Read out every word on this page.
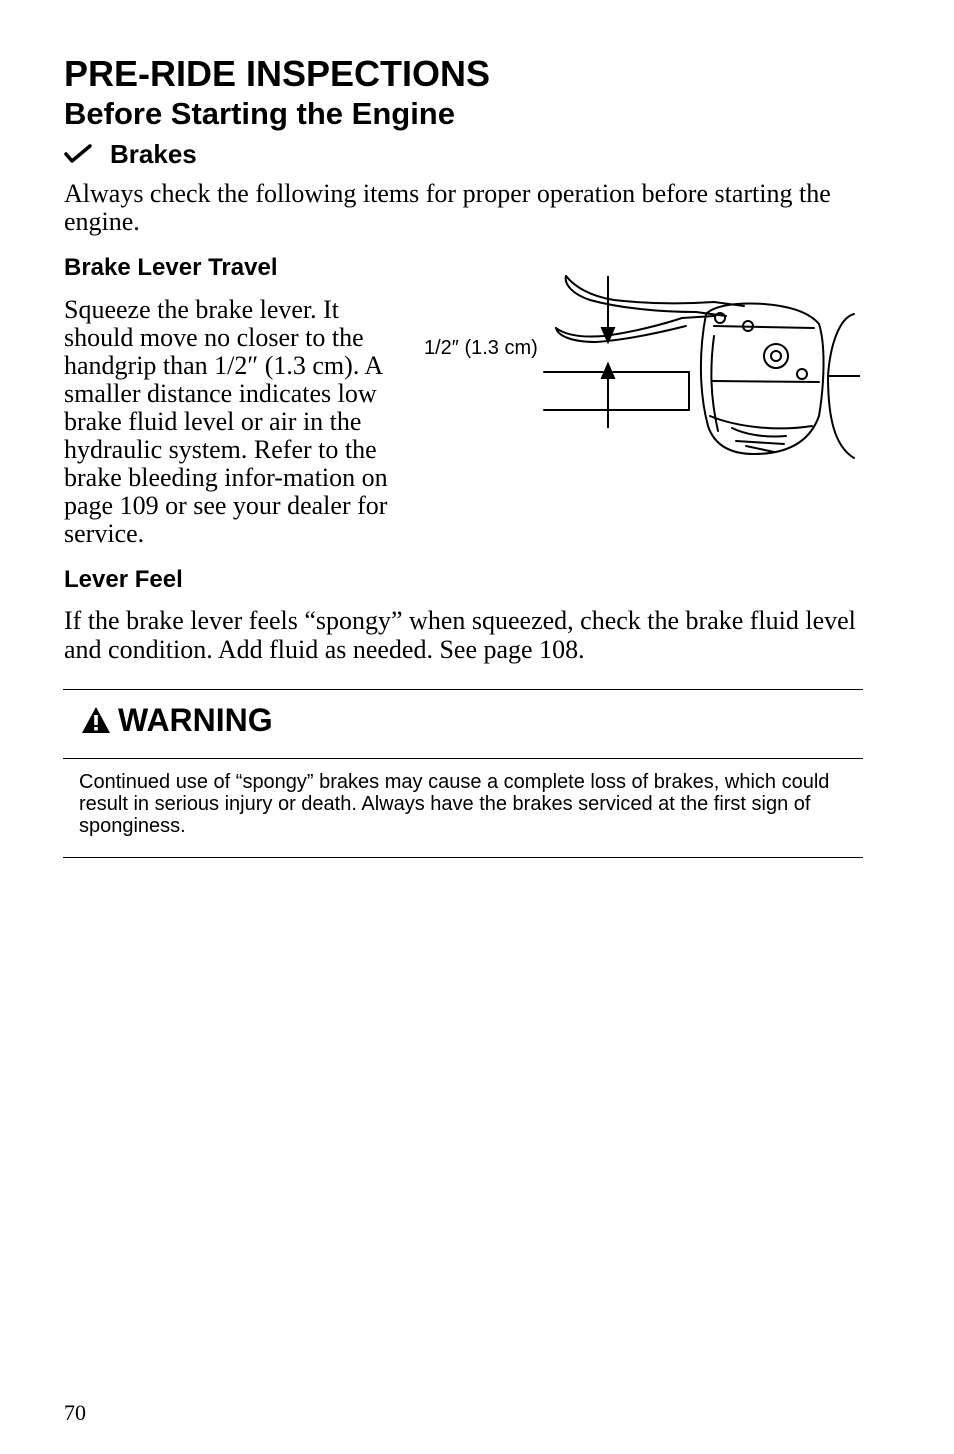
PRE-RIDE INSPECTIONS
Before Starting the Engine
Brakes

Always check the following items for proper operation before starting the engine.

Brake Lever Travel

Squeeze the brake lever. It should move no closer to the handgrip than 1/2″ (1.3 cm). A smaller distance indicates low brake fluid level or air in the hydraulic system. Refer to the brake bleeding infor-mation on page 109 or see your dealer for service.

1/2″ (1.3 cm)
Lever Feel

If the brake lever feels “spongy” when squeezed, check the brake fluid level and condition. Add fluid as needed. See page 108.

WARNING

Continued use of “spongy” brakes may cause a complete loss of brakes, which could result in serious injury or death. Always have the brakes serviced at the first sign of sponginess.

70
